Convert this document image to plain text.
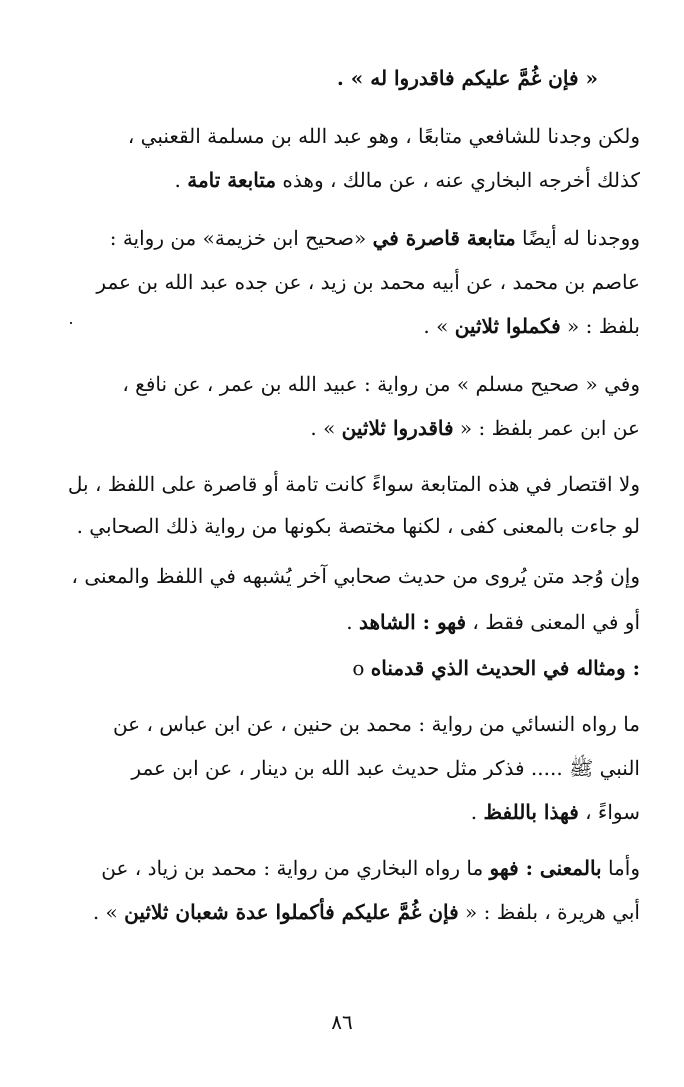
« فإن غُمَّ عليكم فاقدروا له » .
ولكن وجدنا للشافعي متابعًا ، وهو عبد الله بن مسلمة القعنبي ،
كذلك أخرجه البخاري عنه ، عن مالك ، وهذه متابعة تامة .
ووجدنا له أيضًا متابعة قاصرة في «صحيح ابن خزيمة» من رواية :
عاصم بن محمد ، عن أبيه محمد بن زيد ، عن جده عبد الله بن عمر
بلفظ : « فكملوا ثلاثين » .
وفي « صحيح مسلم » من رواية : عبيد الله بن عمر ، عن نافع ،
عن ابن عمر بلفظ : « فاقدروا ثلاثين » .
ولا اقتصار في هذه المتابعة سواءً كانت تامة أو قاصرة على اللفظ ، بل
لو جاءت بالمعنى كفى ، لكنها مختصة بكونها من رواية ذلك الصحابي .
وإن وُجد متن يُروى من حديث صحابي آخر يُشبهه في اللفظ والمعنى ،
أو في المعنى فقط ، فهو : الشاهد .
o ومثاله في الحديث الذي قدمناه :
ما رواه النسائي من رواية : محمد بن حنين ، عن ابن عباس ، عن
النبي ﷺ ..... فذكر مثل حديث عبد الله بن دينار ، عن ابن عمر
سواءً ، فهذا باللفظ .
وأما بالمعنى : فهو ما رواه البخاري من رواية : محمد بن زياد ، عن
أبي هريرة ، بلفظ : « فإن غُمَّ عليكم فأكملوا عدة شعبان ثلاثين » .
٨٦
